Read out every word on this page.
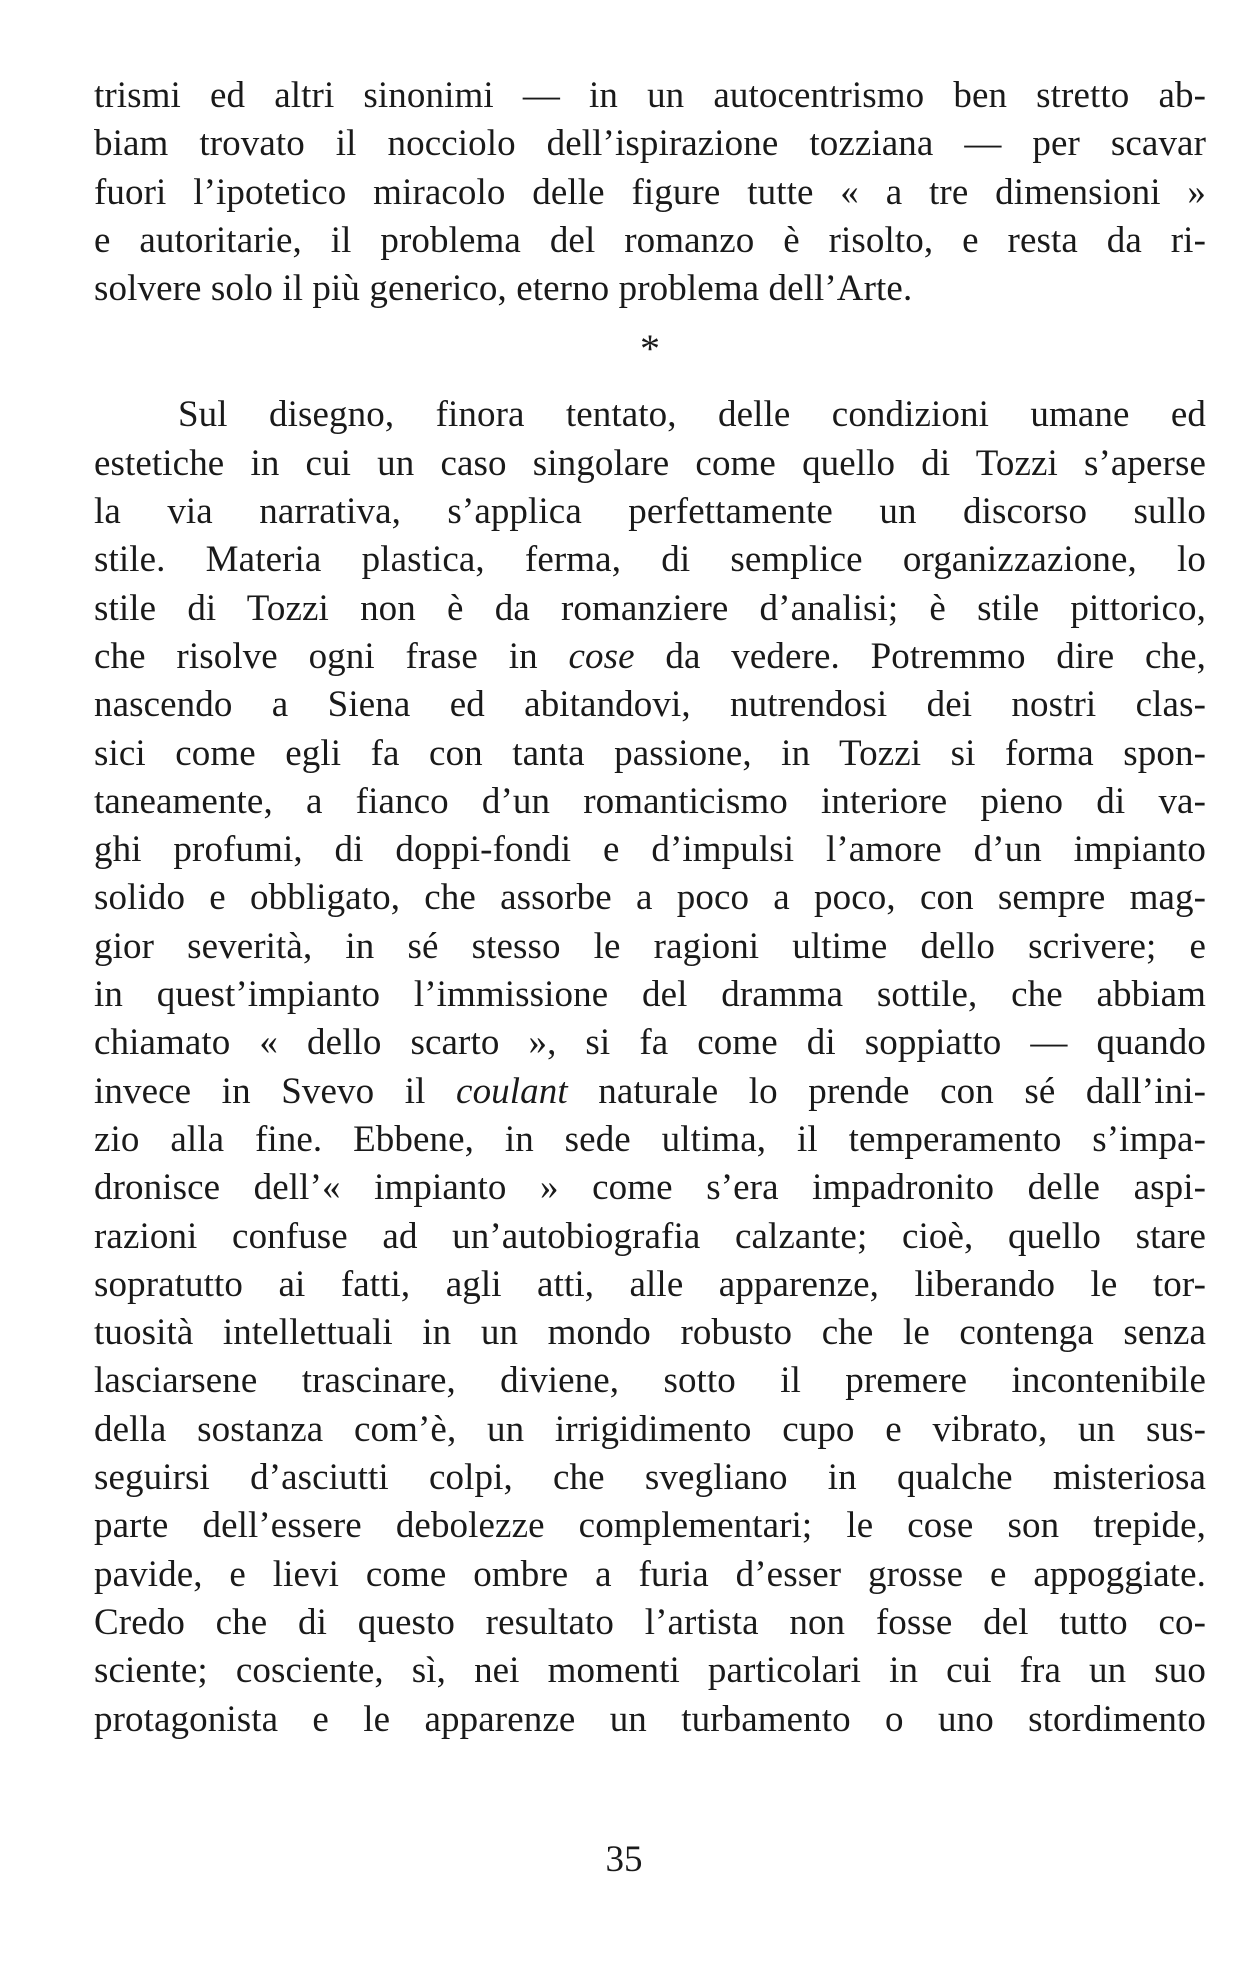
trismi ed altri sinonimi — in un autocentrismo ben stretto ab-
biam trovato il nocciolo dell’ispirazione tozziana — per scavar
fuori l’ipotetico miracolo delle figure tutte « a tre dimensioni »
e autoritarie, il problema del romanzo è risolto, e resta da ri-
solvere solo il più generico, eterno problema dell’Arte.
*
Sul disegno, finora tentato, delle condizioni umane ed
estetiche in cui un caso singolare come quello di Tozzi s’aperse
la via narrativa, s’applica perfettamente un discorso sullo
stile. Materia plastica, ferma, di semplice organizzazione, lo
stile di Tozzi non è da romanziere d’analisi; è stile pittorico,
che risolve ogni frase in cose da vedere. Potremmo dire che,
nascendo a Siena ed abitandovi, nutrendosi dei nostri clas-
sici come egli fa con tanta passione, in Tozzi si forma spon-
taneamente, a fianco d’un romanticismo interiore pieno di va-
ghi profumi, di doppi-fondi e d’impulsi l’amore d’un impianto
solido e obbligato, che assorbe a poco a poco, con sempre mag-
gior severità, in sé stesso le ragioni ultime dello scrivere; e
in quest’impianto l’immissione del dramma sottile, che abbiam
chiamato « dello scarto », si fa come di soppiatto — quando
invece in Svevo il coulant naturale lo prende con sé dall’ini-
zio alla fine. Ebbene, in sede ultima, il temperamento s’impa-
dronisce dell’« impianto » come s’era impadronito delle aspi-
razioni confuse ad un’autobiografia calzante; cioè, quello stare
sopratutto ai fatti, agli atti, alle apparenze, liberando le tor-
tuosità intellettuali in un mondo robusto che le contenga senza
lasciarsene trascinare, diviene, sotto il premere incontenibile
della sostanza com’è, un irrigidimento cupo e vibrato, un sus-
seguirsi d’asciutti colpi, che svegliano in qualche misteriosa
parte dell’essere debolezze complementari; le cose son trepide,
pavide, e lievi come ombre a furia d’esser grosse e appoggiate.
Credo che di questo resultato l’artista non fosse del tutto co-
sciente; cosciente, sì, nei momenti particolari in cui fra un suo
protagonista e le apparenze un turbamento o uno stordimento
35
